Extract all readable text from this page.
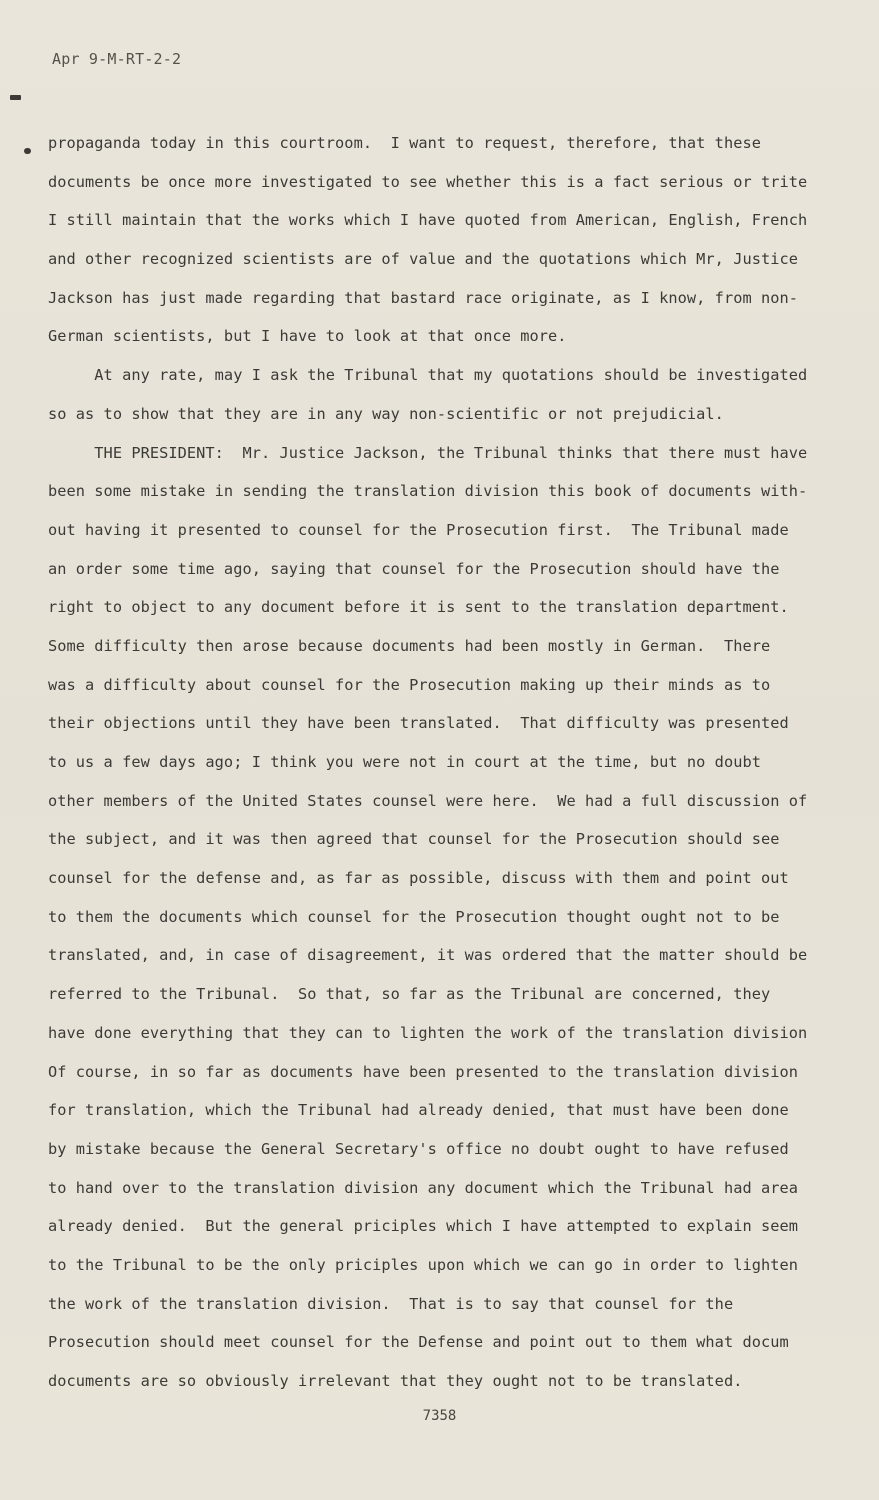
Apr 9-M-RT-2-2
propaganda today in this courtroom.  I want to request, therefore, that these
documents be once more investigated to see whether this is a fact serious or trite
I still maintain that the works which I have quoted from American, English, French
and other recognized scientists are of value and the quotations which Mr, Justice
Jackson has just made regarding that bastard race originate, as I know, from non-
German scientists, but I have to look at that once more.
At any rate, may I ask the Tribunal that my quotations should be investigated
so as to show that they are in any way non-scientific or not prejudicial.
THE PRESIDENT:  Mr. Justice Jackson, the Tribunal thinks that there must have
been some mistake in sending the translation division this book of documents with-
out having it presented to counsel for the Prosecution first.  The Tribunal made
an order some time ago, saying that counsel for the Prosecution should have the
right to object to any document before it is sent to the translation department.
Some difficulty then arose because documents had been mostly in German.  There
was a difficulty about counsel for the Prosecution making up their minds as to
their objections until they have been translated.  That difficulty was presented
to us a few days ago; I think you were not in court at the time, but no doubt
other members of the United States counsel were here.  We had a full discussion of
the subject, and it was then agreed that counsel for the Prosecution should see
counsel for the defense and, as far as possible, discuss with them and point out
to them the documents which counsel for the Prosecution thought ought not to be
translated, and, in case of disagreement, it was ordered that the matter should be
referred to the Tribunal.  So that, so far as the Tribunal are concerned, they
have done everything that they can to lighten the work of the translation division
Of course, in so far as documents have been presented to the translation division
for translation, which the Tribunal had already denied, that must have been done
by mistake because the General Secretary's office no doubt ought to have refused
to hand over to the translation division any document which the Tribunal had area
already denied.  But the general priciples which I have attempted to explain seem
to the Tribunal to be the only priciples upon which we can go in order to lighten
the work of the translation division.  That is to say that counsel for the
Prosecution should meet counsel for the Defense and point out to them what docum
documents are so obviously irrelevant that they ought not to be translated.
7358
